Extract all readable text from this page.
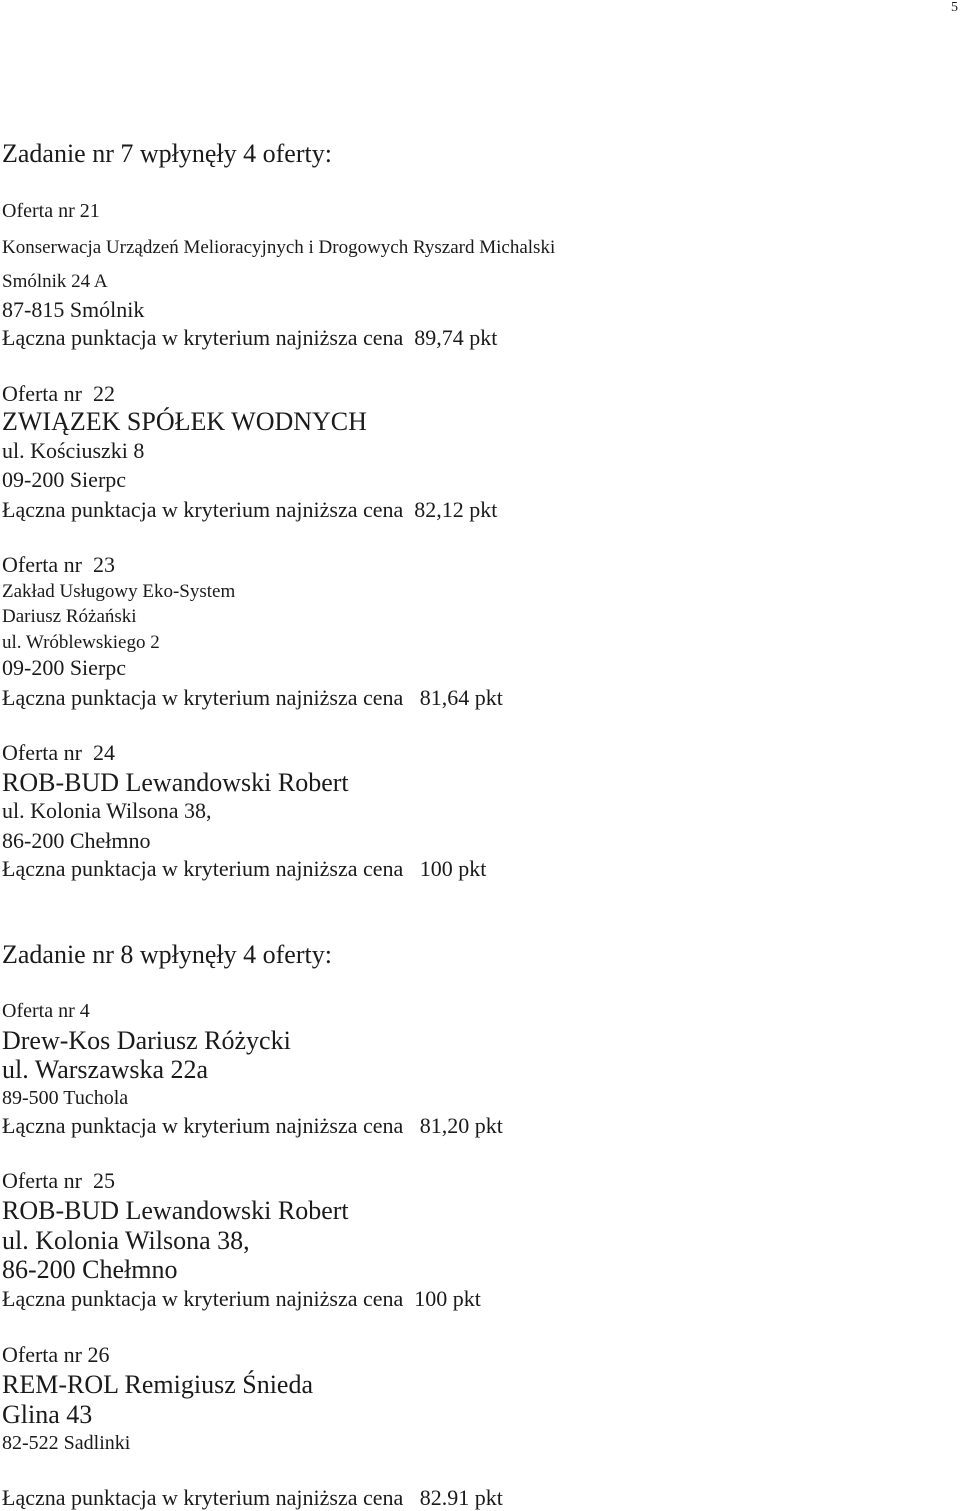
5
Zadanie nr 7 wpłynęły 4 oferty:
Oferta nr 21
Konserwacja Urządzeń Melioracyjnych i Drogowych Ryszard Michalski
Smólnik 24 A
87-815 Smólnik
Łączna punktacja w kryterium najniższa cena  89,74 pkt
Oferta nr  22
ZWIĄZEK SPÓŁEK WODNYCH
ul. Kościuszki 8
09-200 Sierpc
Łączna punktacja w kryterium najniższa cena  82,12 pkt
Oferta nr  23
Zakład Usługowy Eko-System
Dariusz Różański
ul. Wróblewskiego 2
09-200 Sierpc
Łączna punktacja w kryterium najniższa cena   81,64 pkt
Oferta nr  24
ROB-BUD Lewandowski Robert
ul. Kolonia Wilsona 38,
86-200 Chełmno
Łączna punktacja w kryterium najniższa cena   100 pkt
Zadanie nr 8 wpłynęły 4 oferty:
Oferta nr 4
Drew-Kos Dariusz Różycki
ul. Warszawska 22a
89-500 Tuchola
Łączna punktacja w kryterium najniższa cena   81,20 pkt
Oferta nr  25
ROB-BUD Lewandowski Robert
ul. Kolonia Wilsona 38,
86-200 Chełmno
Łączna punktacja w kryterium najniższa cena  100 pkt
Oferta nr 26
REM-ROL Remigiusz Śnieda
Glina 43
82-522 Sadlinki
Łączna punktacja w kryterium najniższa cena   82.91 pkt
